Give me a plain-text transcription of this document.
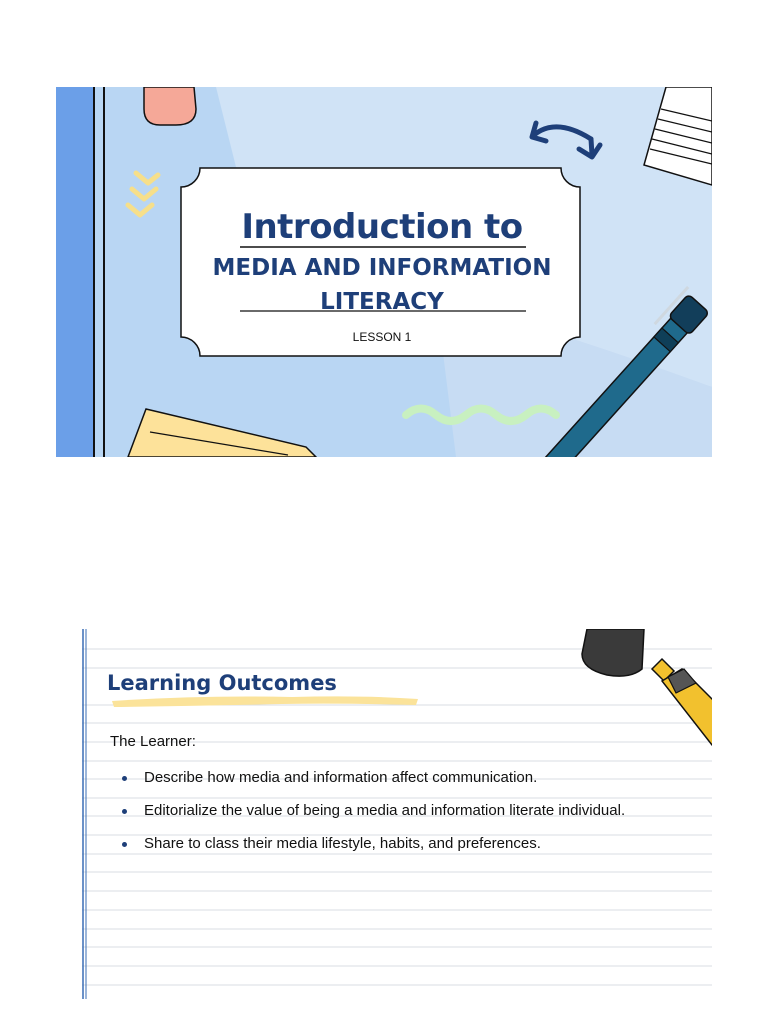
Introduction to
MEDIA AND INFORMATION
LITERACY
LESSON 1
Learning Outcomes
The Learner:
Describe how media and information affect communication.
Editorialize the value of being a media and information literate individual.
Share to class their media lifestyle, habits, and preferences.
